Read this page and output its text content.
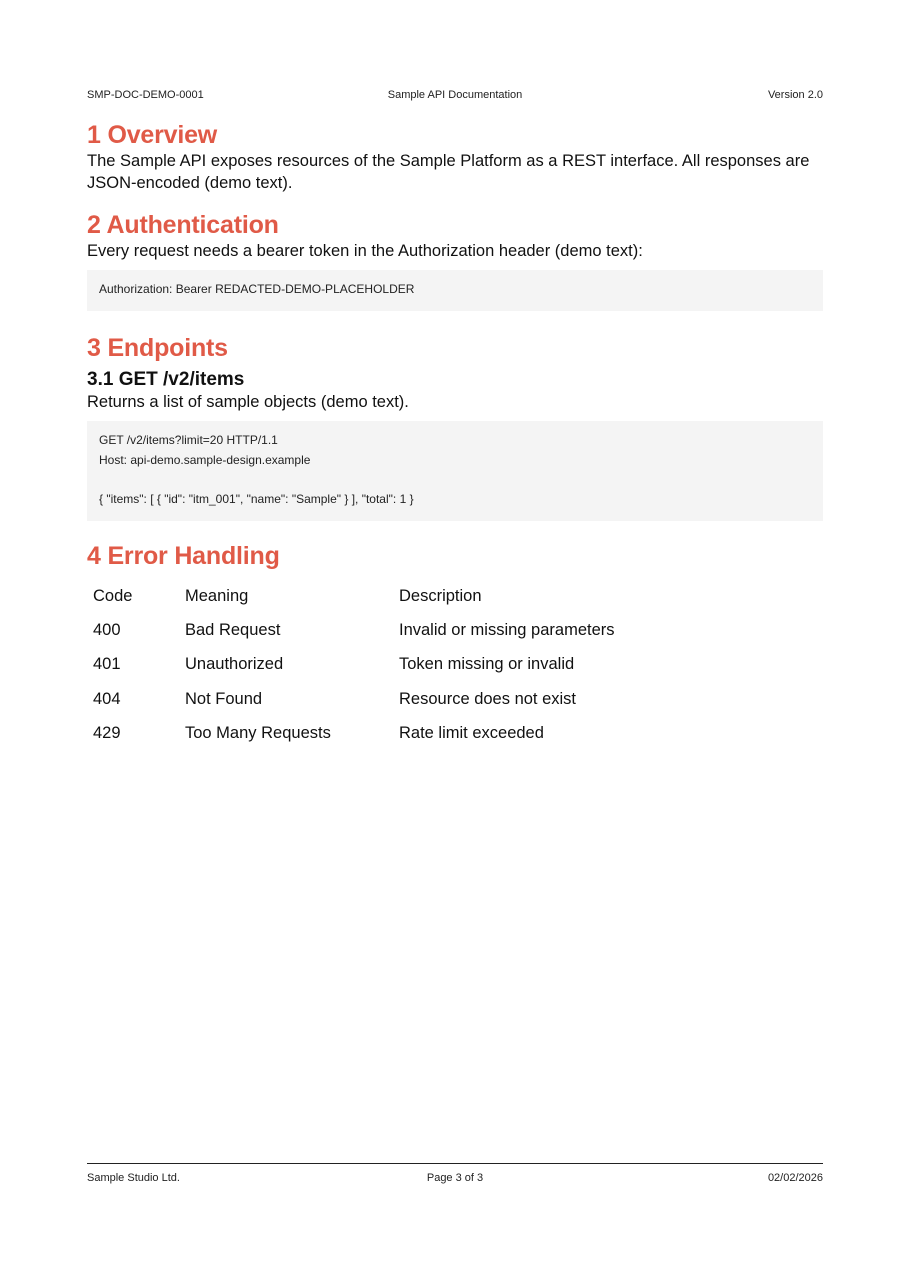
SMP-DOC-DEMO-0001	Sample API Documentation	Version 2.0
1 Overview

The Sample API exposes resources of the Sample Platform as a REST interface. All responses are JSON-encoded (demo text).

2 Authentication

Every request needs a bearer token in the Authorization header (demo text):

Authorization: Bearer REDACTED-DEMO-PLACEHOLDER
3 Endpoints
3.1 GET /v2/items

Returns a list of sample objects (demo text).

GET /v2/items?limit=20 HTTP/1.1
Host: api-demo.sample-design.example
{ "items": [ { "id": "itm_001", "name": "Sample" } ], "total": 1 }
4 Error Handling
Code	Meaning	Description
400	Bad Request	Invalid or missing parameters
401	Unauthorized	Token missing or invalid
404	Not Found	Resource does not exist
429	Too Many Requests	Rate limit exceeded
Sample Studio Ltd.	Page 3 of 3	02/02/2026
